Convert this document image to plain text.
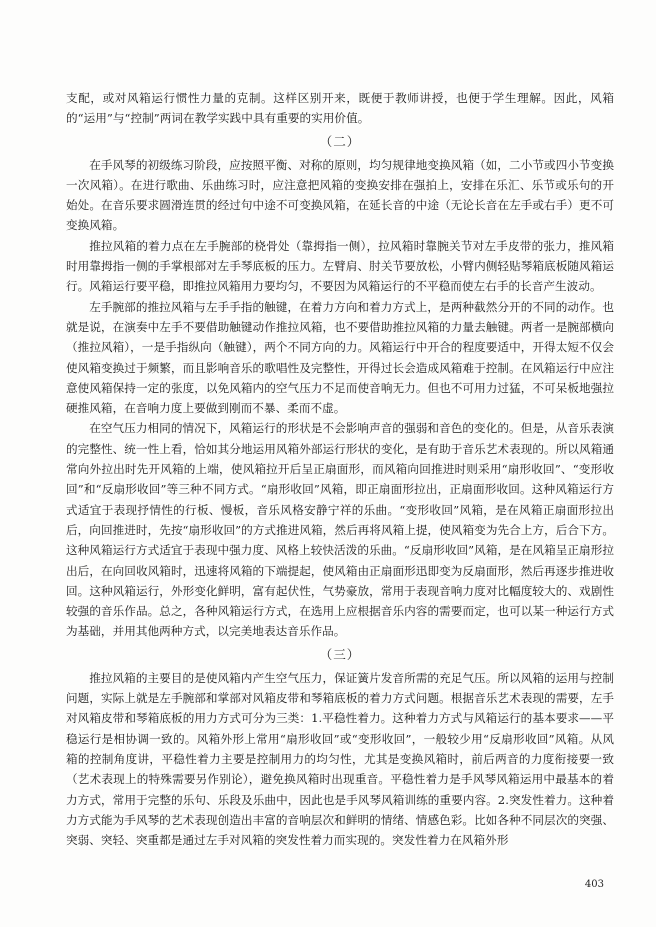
支配，或对风箱运行惯性力量的克制。这样区别开来，既便于教师讲授，也便于学生理解。因此，风箱的“运用”与“控制”两词在教学实践中具有重要的实用价值。

（二）

在手风琴的初级练习阶段，应按照平衡、对称的原则，均匀规律地变换风箱（如，二小节或四小节变换一次风箱）。在进行歌曲、乐曲练习时，应注意把风箱的变换安排在强拍上，安排在乐汇、乐节或乐句的开始处。在音乐要求圆滑连贯的经过句中途不可变换风箱，在延长音的中途（无论长音在左手或右手）更不可变换风箱。

推拉风箱的着力点在左手腕部的桡骨处（靠拇指一侧），拉风箱时靠腕关节对左手皮带的张力，推风箱时用靠拇指一侧的手掌根部对左手琴底板的压力。左臂肩、肘关节要放松，小臂内侧轻贴琴箱底板随风箱运行。风箱运行要平稳，即推拉风箱用力要均匀，不要因为风箱运行的不平稳而使左右手的长音产生波动。

左手腕部的推拉风箱与左手手指的触键，在着力方向和着力方式上，是两种截然分开的不同的动作。也就是说，在演奏中左手不要借助触键动作推拉风箱，也不要借助推拉风箱的力量去触键。两者一是腕部横向（推拉风箱），一是手指纵向（触键），两个不同方向的力。风箱运行中开合的程度要适中，开得太短不仅会使风箱变换过于频繁，而且影响音乐的歌唱性及完整性，开得过长会造成风箱难于控制。在风箱运行中应注意使风箱保持一定的张度，以免风箱内的空气压力不足而使音响无力。但也不可用力过猛，不可呆板地强拉硬推风箱，在音响力度上要做到刚而不暴、柔而不虚。

在空气压力相同的情况下，风箱运行的形状是不会影响声音的强弱和音色的变化的。但是，从音乐表演的完整性、统一性上看，恰如其分地运用风箱外部运行形状的变化，是有助于音乐艺术表现的。所以风箱通常向外拉出时先开风箱的上端，使风箱拉开后呈正扇面形，而风箱向回推进时则采用“扇形收回”、“变形收回”和“反扇形收回”等三种不同方式。“扇形收回”风箱，即正扇面形拉出，正扇面形收回。这种风箱运行方式适宜于表现抒情性的行板、慢板，音乐风格安静宁祥的乐曲。“变形收回”风箱，是在风箱正扇面形拉出后，向回推进时，先按“扇形收回”的方式推进风箱，然后再将风箱上提，使风箱变为先合上方，后合下方。这种风箱运行方式适宜于表现中强力度、风格上较快活泼的乐曲。“反扇形收回”风箱，是在风箱呈正扇形拉出后，在向回收风箱时，迅速将风箱的下端提起，使风箱由正扇面形迅即变为反扇面形，然后再逐步推进收回。这种风箱运行，外形变化鲜明，富有起伏性，气势豪放，常用于表现音响力度对比幅度较大的、戏剧性较强的音乐作品。总之，各种风箱运行方式，在选用上应根据音乐内容的需要而定，也可以某一种运行方式为基础，并用其他两种方式，以完美地表达音乐作品。

（三）

推拉风箱的主要目的是使风箱内产生空气压力，保证簧片发音所需的充足气压。所以风箱的运用与控制问题，实际上就是左手腕部和掌部对风箱皮带和琴箱底板的着力方式问题。根据音乐艺术表现的需要，左手对风箱皮带和琴箱底板的用力方式可分为三类：1.平稳性着力。这种着力方式与风箱运行的基本要求——平稳运行是相协调一致的。风箱外形上常用“扇形收回”或“变形收回”，一般较少用“反扇形收回”风箱。从风箱的控制角度讲，平稳性着力主要是控制用力的均匀性，尤其是变换风箱时，前后两音的力度衔接要一致（艺术表现上的特殊需要另作别论），避免换风箱时出现重音。平稳性着力是手风琴风箱运用中最基本的着力方式，常用于完整的乐句、乐段及乐曲中，因此也是手风琴风箱训练的重要内容。2.突发性着力。这种着力方式能为手风琴的艺术表现创造出丰富的音响层次和鲜明的情绪、情感色彩。比如各种不同层次的突强、突弱、突轻、突重都是通过左手对风箱的突发性着力而实现的。突发性着力在风箱外形

403
